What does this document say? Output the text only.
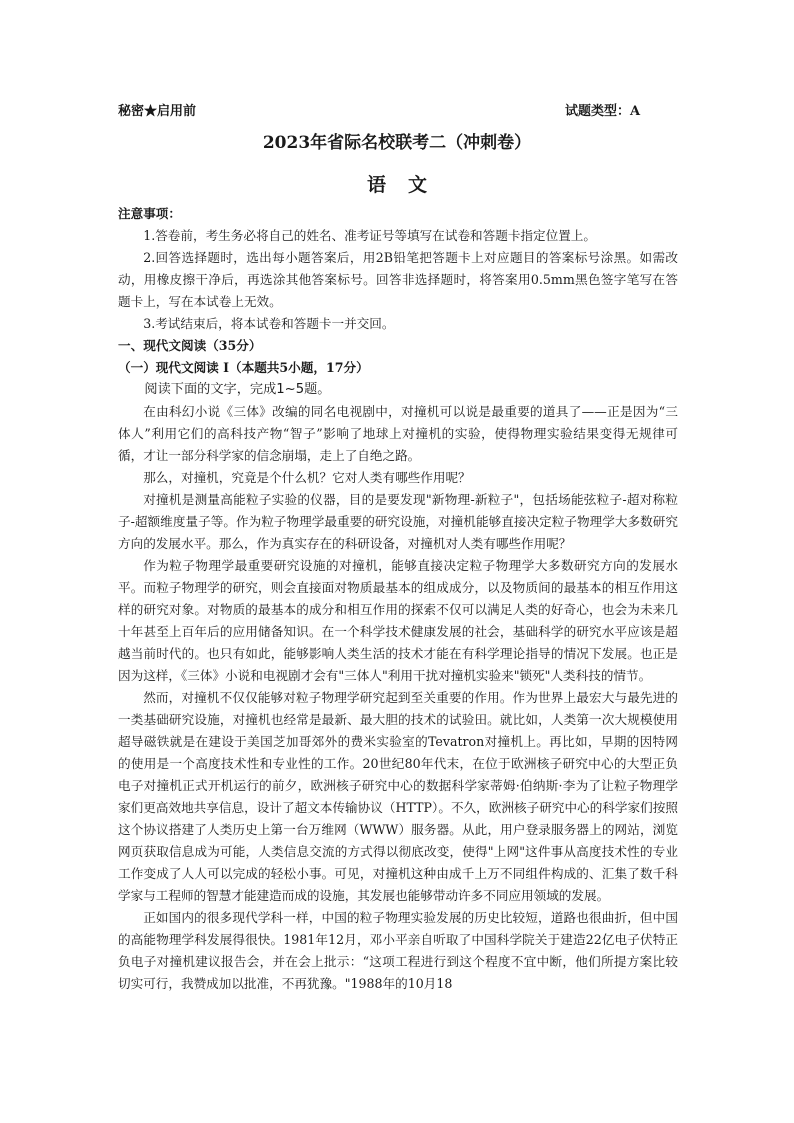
秘密★启用前	试题类型：A
2023年省际名校联考二（冲刺卷）
语文

注意事项：

1.答卷前，考生务必将自己的姓名、准考证号等填写在试卷和答题卡指定位置上。

2.回答选择题时，选出每小题答案后，用2B铅笔把答题卡上对应题目的答案标号涂黑。如需改动，用橡皮擦干净后，再选涂其他答案标号。回答非选择题时，将答案用0.5mm黑色签字笔写在答题卡上，写在本试卷上无效。

3.考试结束后，将本试卷和答题卡一并交回。

一、现代文阅读（35分）

（一）现代文阅读 I（本题共5小题，17分）

阅读下面的文字，完成1~5题。

在由科幻小说《三体》改编的同名电视剧中，对撞机可以说是最重要的道具了——正是因为“三体人”利用它们的高科技产物“智子”影响了地球上对撞机的实验，使得物理实验结果变得无规律可循，才让一部分科学家的信念崩塌，走上了自绝之路。

那么，对撞机，究竟是个什么机？它对人类有哪些作用呢？

对撞机是测量高能粒子实验的仪器，目的是要发现"新物理-新粒子"，包括场能弦粒子-超对称粒子-超额维度量子等。作为粒子物理学最重要的研究设施，对撞机能够直接决定粒子物理学大多数研究方向的发展水平。那么，作为真实存在的科研设备，对撞机对人类有哪些作用呢？

作为粒子物理学最重要研究设施的对撞机，能够直接决定粒子物理学大多数研究方向的发展水平。而粒子物理学的研究，则会直接面对物质最基本的组成成分，以及物质间的最基本的相互作用这样的研究对象。对物质的最基本的成分和相互作用的探索不仅可以满足人类的好奇心，也会为未来几十年甚至上百年后的应用储备知识。在一个科学技术健康发展的社会，基础科学的研究水平应该是超越当前时代的。也只有如此，能够影响人类生活的技术才能在有科学理论指导的情况下发展。也正是因为这样，《三体》小说和电视剧才会有"三体人"利用干扰对撞机实验来"锁死"人类科技的情节。

然而，对撞机不仅仅能够对粒子物理学研究起到至关重要的作用。作为世界上最宏大与最先进的一类基础研究设施，对撞机也经常是最新、最大胆的技术的试验田。就比如，人类第一次大规模使用超导磁铁就是在建设于美国芝加哥郊外的费米实验室的Tevatron对撞机上。再比如，早期的因特网的使用是一个高度技术性和专业性的工作。20世纪80年代末，在位于欧洲核子研究中心的大型正负电子对撞机正式开机运行的前夕，欧洲核子研究中心的数据科学家蒂姆·伯纳斯·李为了让粒子物理学家们更高效地共享信息，设计了超文本传输协议（HTTP）。不久，欧洲核子研究中心的科学家们按照这个协议搭建了人类历史上第一台万维网（WWW）服务器。从此，用户登录服务器上的网站，浏览网页获取信息成为可能，人类信息交流的方式得以彻底改变，使得"上网"这件事从高度技术性的专业工作变成了人人可以完成的轻松小事。可见，对撞机这种由成千上万不同组件构成的、汇集了数千科学家与工程师的智慧才能建造而成的设施，其发展也能够带动许多不同应用领域的发展。

正如国内的很多现代学科一样，中国的粒子物理实验发展的历史比较短，道路也很曲折，但中国的高能物理学科发展得很快。1981年12月，邓小平亲自听取了中国科学院关于建造22亿电子伏特正负电子对撞机建议报告会，并在会上批示：“这项工程进行到这个程度不宜中断，他们所提方案比较切实可行，我赞成加以批准，不再犹豫。"1988年的10月18
